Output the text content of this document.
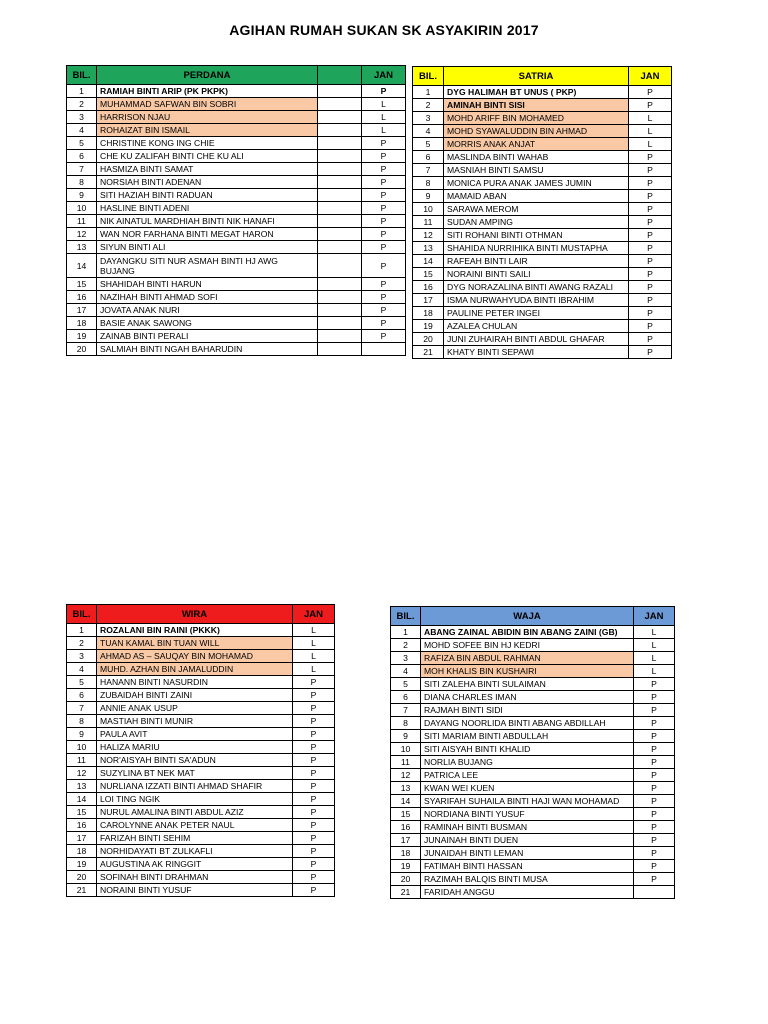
AGIHAN RUMAH SUKAN SK ASYAKIRIN 2017
BIL.	PERDANA		JAN
1	RAMIAH BINTI ARIP (PK PKPK)		P
2	MUHAMMAD SAFWAN BIN SOBRI		L
3	HARRISON NJAU		L
4	ROHAIZAT BIN ISMAIL		L
5	CHRISTINE KONG ING CHIE		P
6	CHE KU ZALIFAH BINTI CHE KU ALI		P
7	HASMIZA BINTI SAMAT		P
8	NORSIAH BINTI ADENAN		P
9	SITI HAZIAH BINTI RADUAN		P
10	HASLINE BINTI ADENI		P
11	NIK AINATUL MARDHIAH BINTI NIK HANAFI		P
12	WAN NOR FARHANA BINTI MEGAT HARON		P
13	SIYUN BINTI ALI		P
14	DAYANGKU SITI NUR ASMAH BINTI HJ AWG BUJANG		P
15	SHAHIDAH BINTI HARUN		P
16	NAZIHAH BINTI AHMAD SOFI		P
17	JOVATA ANAK NURI		P
18	BASIE ANAK SAWONG		P
19	ZAINAB BINTI PERALI		P
20	SALMIAH BINTI NGAH BAHARUDIN		
BIL.	SATRIA	JAN
1	DYG HALIMAH BT UNUS ( PKP)	P
2	AMINAH BINTI SISI	P
3	MOHD ARIFF BIN MOHAMED	L
4	MOHD SYAWALUDDIN BIN AHMAD	L
5	MORRIS ANAK ANJAT	L
6	MASLINDA BINTI WAHAB	P
7	MASNIAH BINTI SAMSU	P
8	MONICA PURA ANAK JAMES JUMIN	P
9	MAMAID ABAN	P
10	SARAWA MEROM	P
11	SUDAN AMPING	P
12	SITI ROHANI BINTI OTHMAN	P
13	SHAHIDA NURRIHIKA BINTI MUSTAPHA	P
14	RAFEAH BINTI LAIR	P
15	NORAINI BINTI SAILI	P
16	DYG NORAZALINA BINTI AWANG RAZALI	P
17	ISMA NURWAHYUDA BINTI IBRAHIM	P
18	PAULINE PETER INGEI	P
19	AZALEA CHULAN	P
20	JUNI ZUHAIRAH BINTI ABDUL GHAFAR	P
21	KHATY BINTI SEPAWI	P
BIL.	WIRA	JAN
1	ROZALANI BIN RAINI (PKKK)	L
2	TUAN KAMAL BIN TUAN WILL	L
3	AHMAD AS – SAUQAY BIN MOHAMAD	L
4	MUHD. AZHAN BIN JAMALUDDIN	L
5	HANANN BINTI NASURDIN	P
6	ZUBAIDAH BINTI ZAINI	P
7	ANNIE ANAK USUP	P
8	MASTIAH BINTI MUNIR	P
9	PAULA AVIT	P
10	HALIZA MARIU	P
11	NOR'AISYAH BINTI SA'ADUN	P
12	SUZYLINA BT NEK MAT	P
13	NURLIANA IZZATI BINTI AHMAD SHAFIR	P
14	LOI TING NGIK	P
15	NURUL AMALINA BINTI ABDUL AZIZ	P
16	CAROLYNNE ANAK PETER NAUL	P
17	FARIZAH BINTI SEHIM	P
18	NORHIDAYATI BT ZULKAFLI	P
19	AUGUSTINA AK RINGGIT	P
20	SOFINAH BINTI DRAHMAN	P
21	NORAINI BINTI YUSUF	P
BIL.	WAJA	JAN
1	ABANG ZAINAL ABIDIN BIN ABANG ZAINI (GB)	L
2	MOHD SOFEE BIN HJ KEDRI	L
3	RAFIZA BIN ABDUL RAHMAN	L
4	MOH KHALIS BIN KUSHAIRI	L
5	SITI ZALEHA BINTI SULAIMAN	P
6	DIANA CHARLES IMAN	P
7	RAJMAH BINTI SIDI	P
8	DAYANG NOORLIDA BINTI ABANG ABDILLAH	P
9	SITI MARIAM BINTI ABDULLAH	P
10	SITI AISYAH BINTI KHALID	P
11	NORLIA BUJANG	P
12	PATRICA LEE	P
13	KWAN WEI KUEN	P
14	SYARIFAH SUHAILA BINTI HAJI WAN MOHAMAD	P
15	NORDIANA BINTI YUSUF	P
16	RAMINAH BINTI BUSMAN	P
17	JUNAINAH BINTI DUEN	P
18	JUNAIDAH BINTI LEMAN	P
19	FATIMAH BINTI HASSAN	P
20	RAZIMAH BALQIS BINTI MUSA	P
21	FARIDAH ANGGU	
